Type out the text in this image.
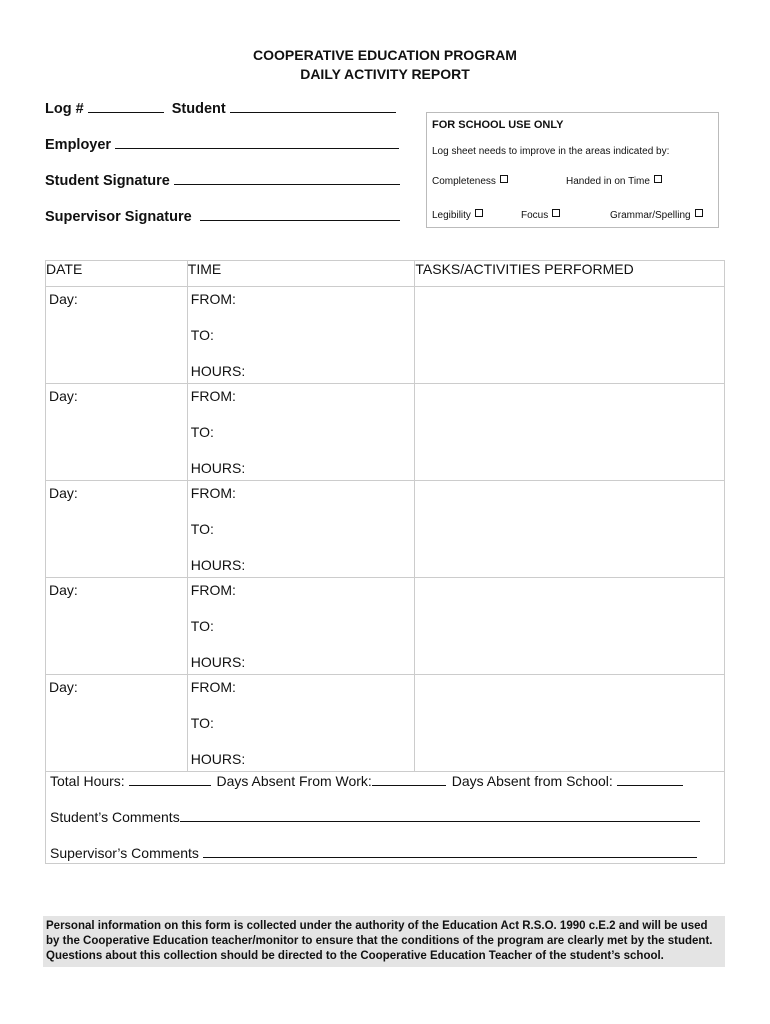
COOPERATIVE EDUCATION PROGRAM
DAILY ACTIVITY REPORT
Log #	Student
Employer
Student Signature
Supervisor Signature
FOR SCHOOL USE ONLY
Log sheet needs to improve in the areas indicated by:
Completeness	Handed in on Time
Legibility	Focus	Grammar/Spelling
DATE	TIME	TASKS/ACTIVITIES PERFORMED

Day:	FROM:
TO:
HOURS:	

Day:	FROM:
TO:
HOURS:	

Day:	FROM:
TO:
HOURS:	

Day:	FROM:
TO:
HOURS:	

Day:	FROM:
TO:
HOURS:	

Total Hours:	Days Absent From Work:	Days Absent from School:
Student’s Comments
Supervisor’s Comments
Personal information on this form is collected under the authority of the Education Act R.S.O. 1990 c.E.2 and will be used by the Cooperative Education teacher/monitor to ensure that the conditions of the program are clearly met by the student. Questions about this collection should be directed to the Cooperative Education Teacher of the student’s school.
